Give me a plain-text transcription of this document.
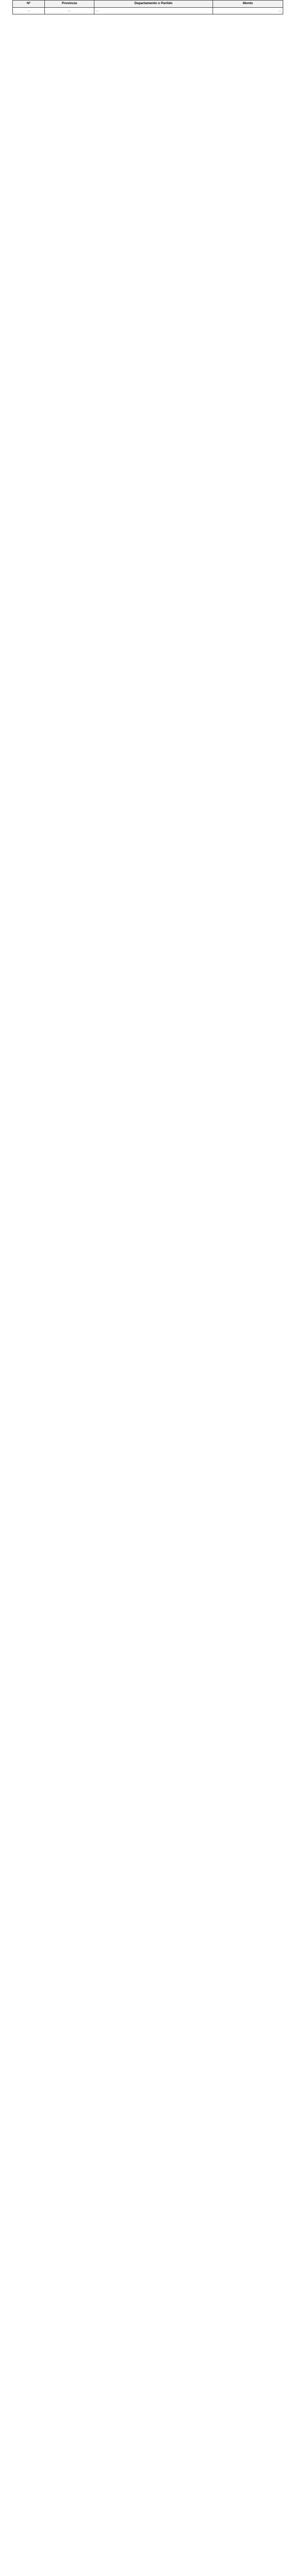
Nº	Provincia	Departamento o Partido	Monto
…	…	…	…
